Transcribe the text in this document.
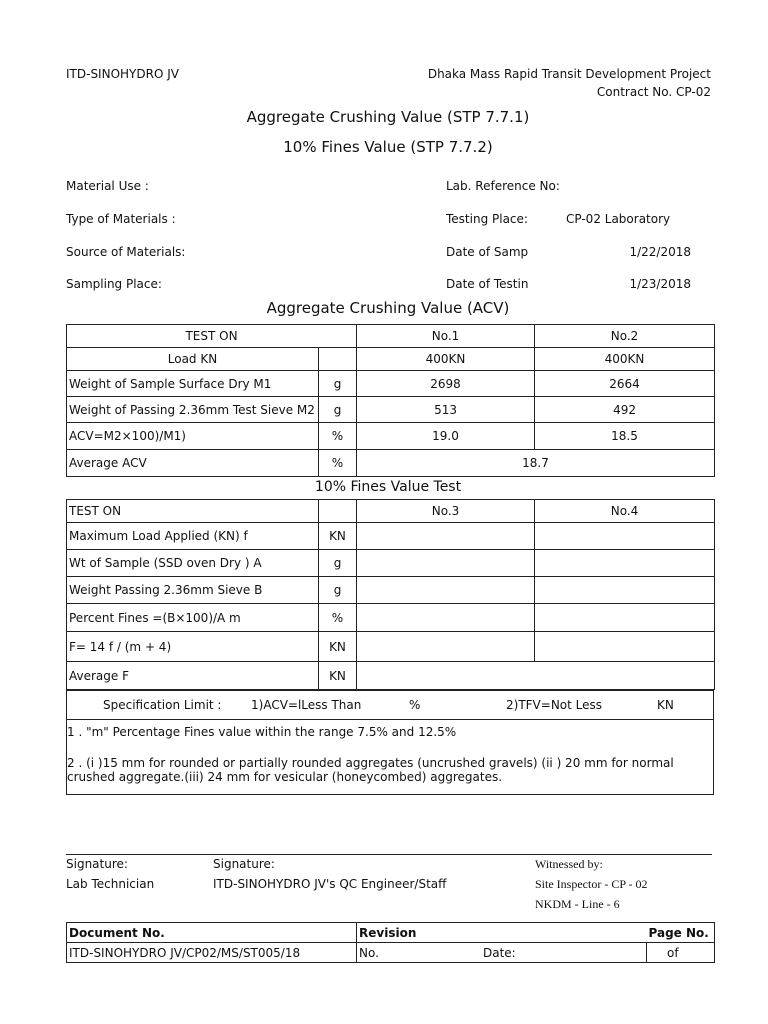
ITD-SINOHYDRO JV	Dhaka Mass Rapid Transit Development Project
Contract No. CP-02
Aggregate Crushing Value (STP 7.7.1)
10% Fines Value (STP 7.7.2)
Material Use :
Type of Materials :
Source of Materials:
Sampling Place:
Lab. Reference No:
Testing Place:	CP-02 Laboratory
Date of Samp	1/22/2018
Date of Testin	1/23/2018
Aggregate Crushing Value (ACV)
TEST ON		No.1	No.2
Load KN		400KN	400KN
Weight of Sample Surface Dry M1	g	2698	2664
Weight of Passing 2.36mm Test Sieve M2	g	513	492
ACV=M2×100)/M1)	%	19.0	18.5
Average ACV	%	18.7	
10% Fines Value Test
TEST ON		No.3	No.4
Maximum Load Applied (KN) f	KN		
Wt of Sample (SSD oven Dry ) A	g		
Weight Passing 2.36mm Sieve B	g		
Percent Fines =(B×100)/A m	%		
F= 14 f / (m + 4)	KN		
Average F	KN		
Specification Limit : 1)ACV=lLess Than	%	2)TFV=Not Less	KN
1 . "m" Percentage Fines value within the range 7.5% and 12.5%
2 . (i )15 mm for rounded or partially rounded aggregates (uncrushed gravels) (ii ) 20 mm for normal crushed aggregate.(iii) 24 mm for vesicular (honeycombed) aggregates.
Signature:
Lab Technician
Signature:
ITD-SINOHYDRO JV's QC Engineer/Staff
Witnessed by:
Site Inspector - CP - 02
NKDM - Line - 6
Document No.	Revision	Page No.
ITD-SINOHYDRO JV/CP02/MS/ST005/18	No. Date:	of
